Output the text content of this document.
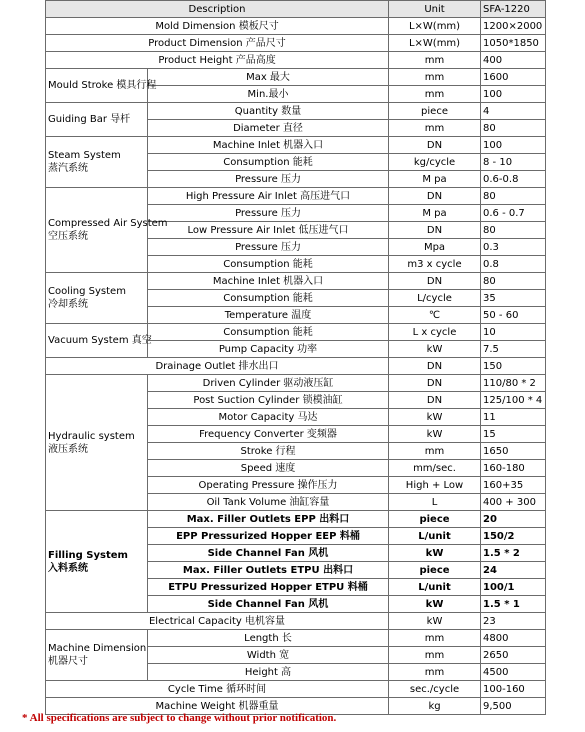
Description		Unit	SFA-1220
Mold Dimension 模板尺寸		L×W(mm)	1200×2000
Product Dimension 产品尺寸		L×W(mm)	1050*1850
Product Height 产品高度		mm	400

Mould Stroke 模具行程	Max 最大	mm	1600
	Min.最小	mm	100

Guiding Bar 导杆	Quantity 数量	piece	4
	Diameter 直径	mm	80

Steam System
蒸汽系统	Machine Inlet 机器入口	DN	100
	Consumption 能耗	kg/cycle	8 - 10
	Pressure 压力	M pa	0.6-0.8

Compressed Air System
空压系统	High Pressure Air Inlet 高压进气口	DN	80
	Pressure 压力	M pa	0.6 - 0.7
	Low Pressure Air Inlet 低压进气口	DN	80
	Pressure 压力	Mpa	0.3
	Consumption 能耗	m3 x cycle	0.8

Cooling System
冷却系统	Machine Inlet 机器入口	DN	80
	Consumption 能耗	L/cycle	35
	Temperature 温度	℃	50 - 60

Vacuum System 真空	Consumption 能耗	L x cycle	10
	Pump Capacity 功率	kW	7.5
Drainage Outlet 排水出口		DN	150

Hydraulic system
液压系统	Driven Cylinder 驱动液压缸	DN	110/80 * 2
	Post Suction Cylinder 锁模油缸	DN	125/100 * 4
	Motor Capacity 马达	kW	11
	Frequency Converter 变频器	kW	15
	Stroke 行程	mm	1650
	Speed 速度	mm/sec.	160-180
	Operating Pressure 操作压力	High + Low	160+35
	Oil Tank Volume 油缸容量	L	400 + 300

Filling System
入料系统	Max. Filler Outlets EPP 出料口	piece	20
	EPP Pressurized Hopper EEP 料桶	L/unit	150/2
	Side Channel Fan 风机	kW	1.5 * 2
	Max. Filler Outlets ETPU 出料口	piece	24
	ETPU Pressurized Hopper ETPU 料桶	L/unit	100/1
	Side Channel Fan 风机	kW	1.5 * 1
Electrical Capacity 电机容量		kW	23

Machine Dimension
机器尺寸	Length 长	mm	4800
	Width 宽	mm	2650
	Height 高	mm	4500
Cycle Time 循环时间		sec./cycle	100-160
Machine Weight 机器重量		kg	9,500
* All specifications are subject to change without prior notification.
